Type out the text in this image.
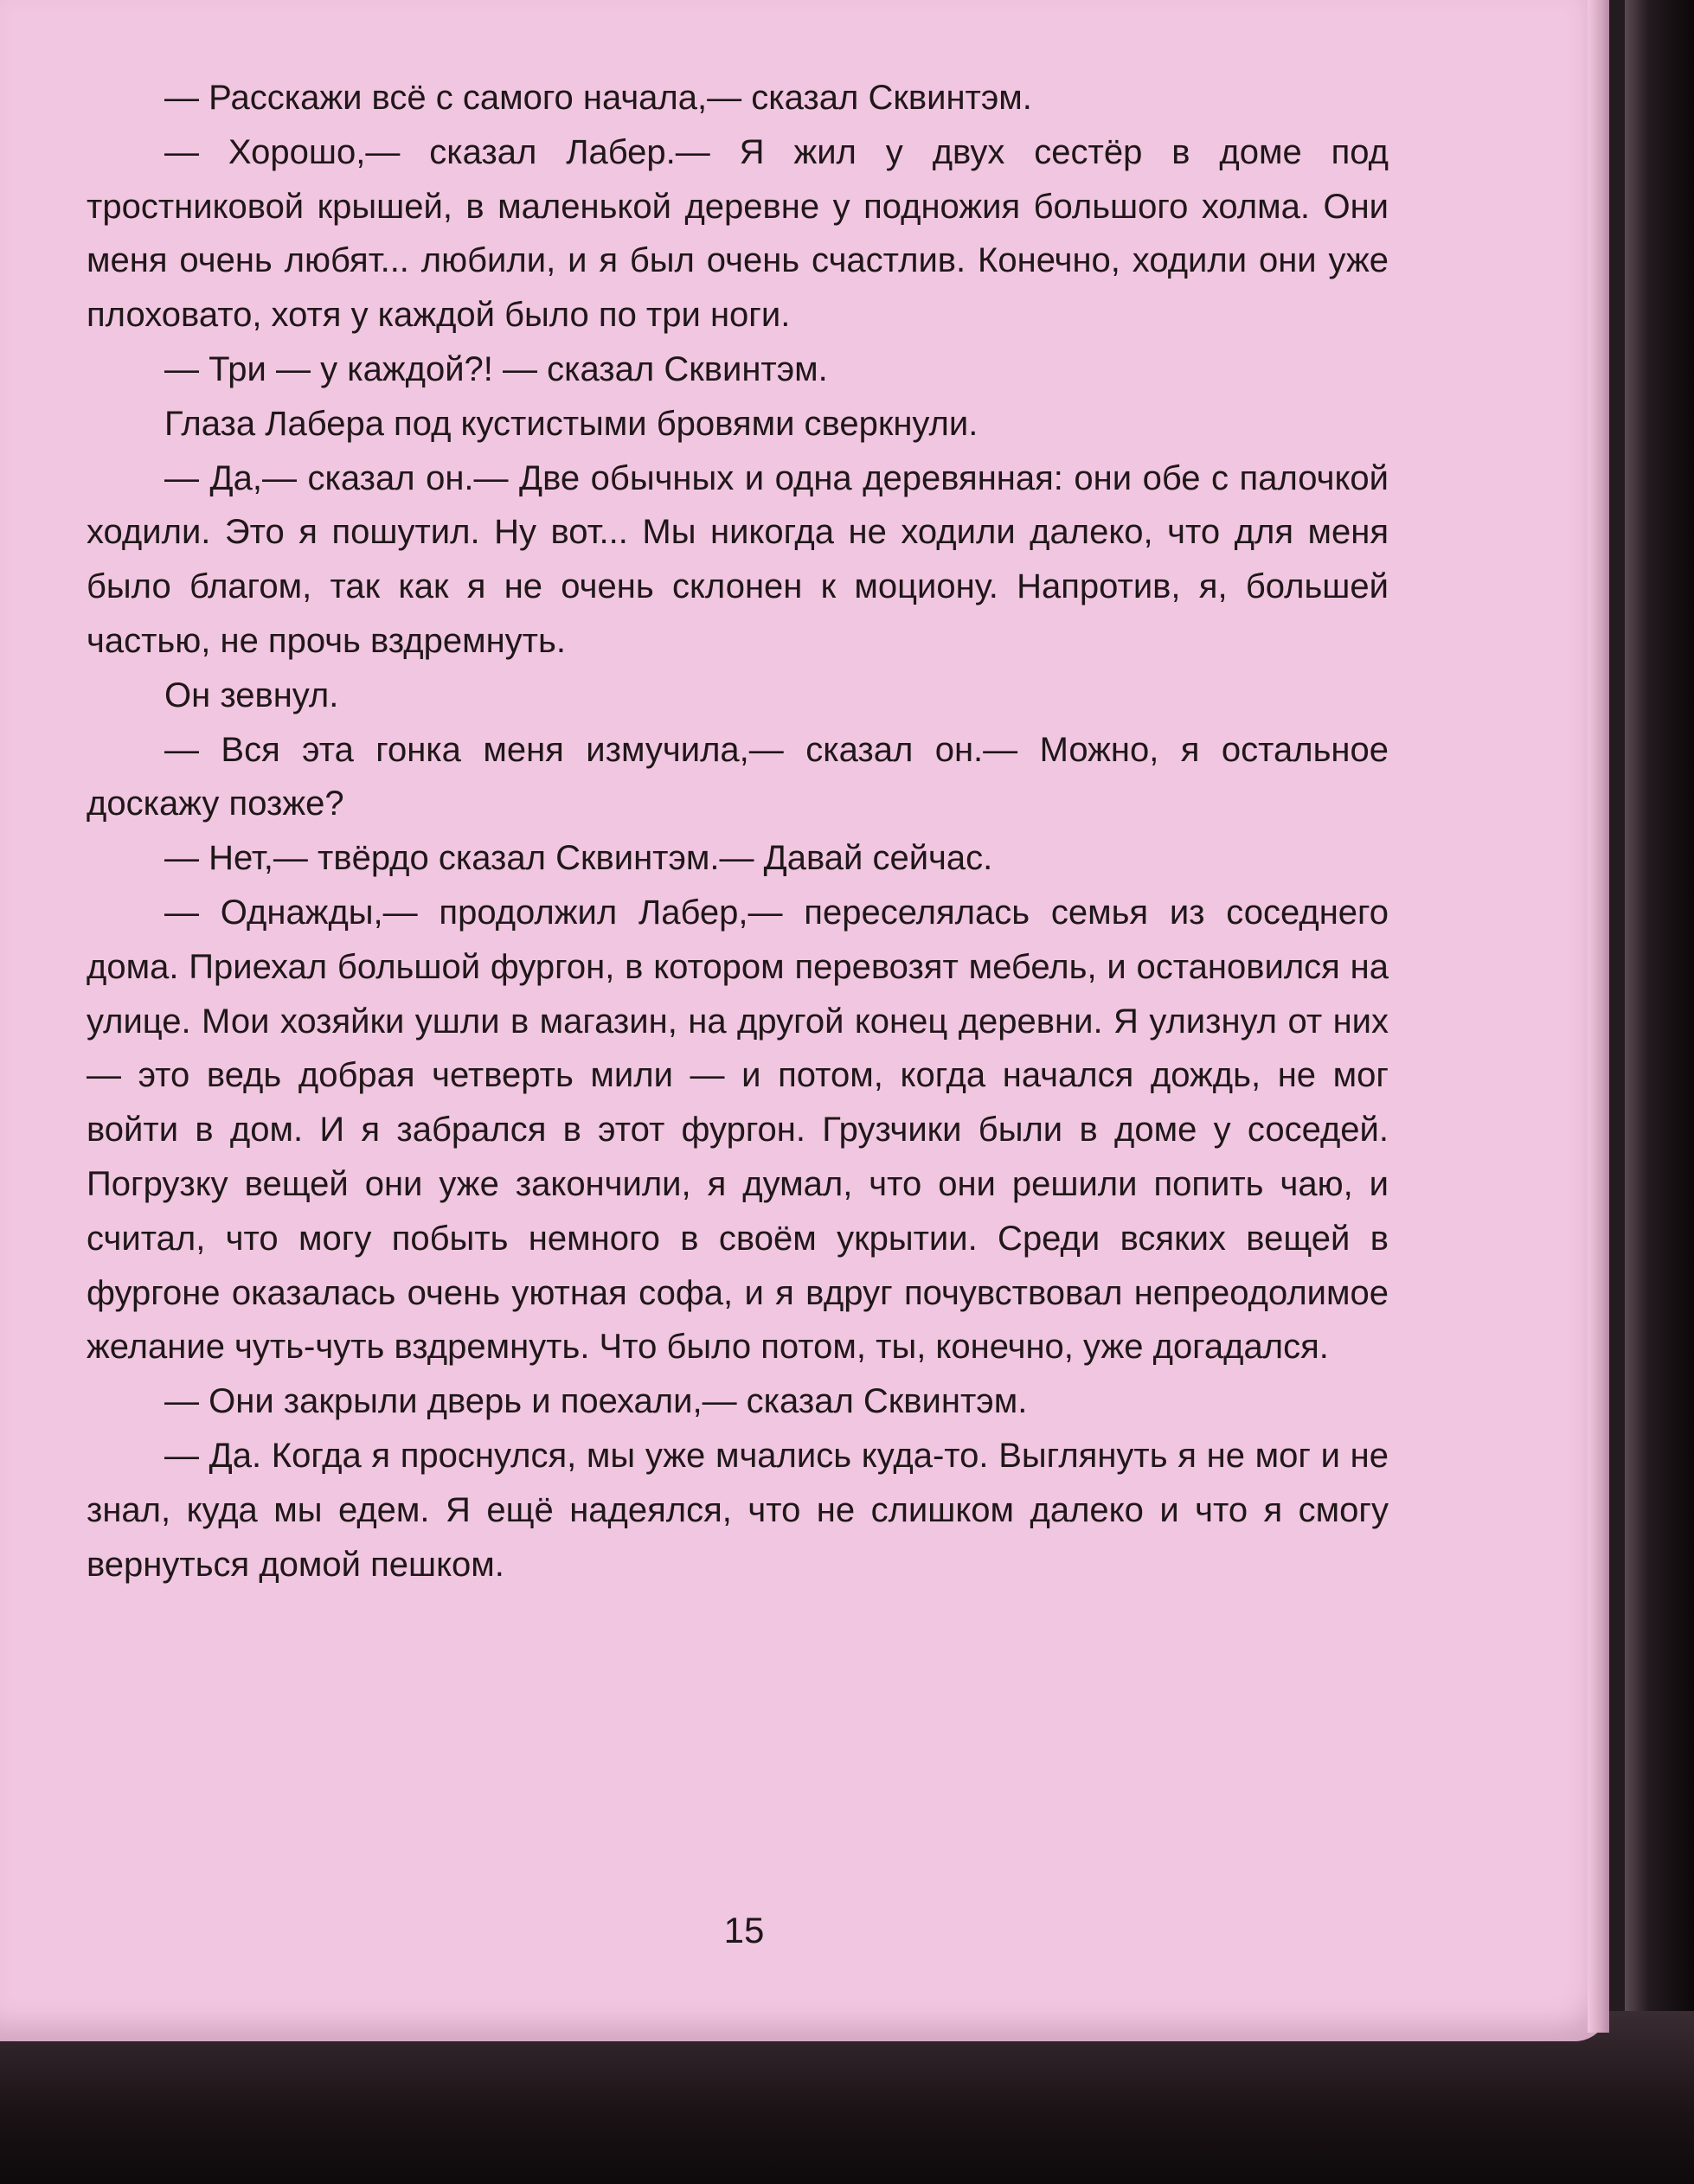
— Расскажи всё с самого начала,— сказал Сквинтэм.

— Хорошо,— сказал Лабер.— Я жил у двух сестёр в доме под тростниковой крышей, в маленькой деревне у подножия большого холма. Они меня очень любят... любили, и я был очень счастлив. Конечно, ходили они уже плоховато, хотя у каждой было по три ноги.

— Три — у каждой?! — сказал Сквинтэм.

Глаза Лабера под кустистыми бровями сверкнули.

— Да,— сказал он.— Две обычных и одна деревянная: они обе с палочкой ходили. Это я пошутил. Ну вот... Мы никогда не ходили далеко, что для меня было благом, так как я не очень склонен к моциону. Напротив, я, большей частью, не прочь вздремнуть.

Он зевнул.

— Вся эта гонка меня измучила,— сказал он.— Можно, я остальное доскажу позже?

— Нет,— твёрдо сказал Сквинтэм.— Давай сейчас.

— Однажды,— продолжил Лабер,— переселялась семья из соседнего дома. Приехал большой фургон, в котором перевозят мебель, и остановился на улице. Мои хозяйки ушли в магазин, на другой конец деревни. Я улизнул от них — это ведь добрая четверть мили — и потом, когда начался дождь, не мог войти в дом. И я забрался в этот фургон. Грузчики были в доме у соседей. Погрузку вещей они уже закончили, я думал, что они решили попить чаю, и считал, что могу побыть немного в своём укрытии. Среди всяких вещей в фургоне оказалась очень уютная софа, и я вдруг почувствовал непреодолимое желание чуть-чуть вздремнуть. Что было потом, ты, конечно, уже догадался.

— Они закрыли дверь и поехали,— сказал Сквинтэм.

— Да. Когда я проснулся, мы уже мчались куда-то. Выглянуть я не мог и не знал, куда мы едем. Я ещё надеялся, что не слишком далеко и что я смогу вернуться домой пешком.

15
